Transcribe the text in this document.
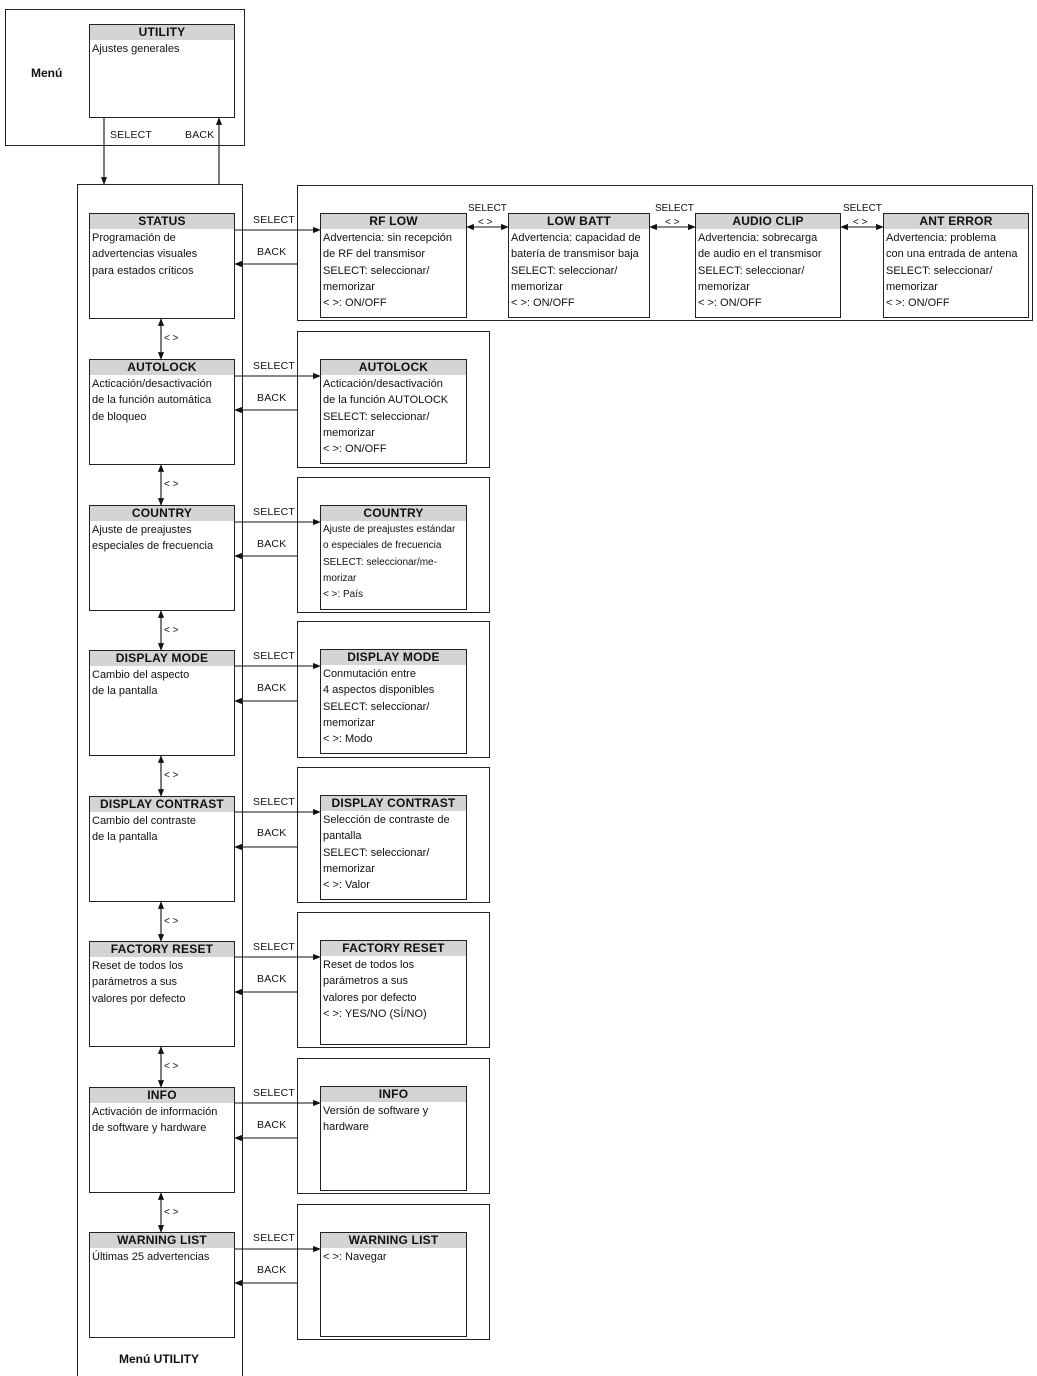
Menú
UTILITY
Ajustes generales
SELECT	BACK
STATUS
Programación de
advertencias visuales
para estados críticos
AUTOLOCK
Acticación/desactivación
de la función automática
de bloqueo
COUNTRY
Ajuste de preajustes
especiales de frecuencia
DISPLAY MODE
Cambio del aspecto
de la pantalla
DISPLAY CONTRAST
Cambio del contraste
de la pantalla
FACTORY RESET
Reset de todos los
parámetros a sus
valores por defecto
INFO
Activación de información
de software y hardware
WARNING LIST
Últimas 25 advertencias
Menú UTILITY
< >
< >
< >
< >
< >
< >
< >
SELECT
BACK
SELECT
BACK
SELECT
BACK
SELECT
BACK
SELECT
BACK
SELECT
BACK
SELECT
BACK
SELECT
BACK
RF LOW
Advertencia: sin recepción
de RF del transmisor
SELECT: seleccionar/
memorizar
< >: ON/OFF
LOW BATT
Advertencia: capacidad de
batería de transmisor baja
SELECT: seleccionar/
memorizar
< >: ON/OFF
AUDIO CLIP
Advertencia: sobrecarga
de audio en el transmisor
SELECT: seleccionar/
memorizar
< >: ON/OFF
ANT ERROR
Advertencia: problema
con una entrada de antena
SELECT: seleccionar/
memorizar
< >: ON/OFF
SELECT
< >
SELECT
< >
SELECT
< >
AUTOLOCK
Acticación/desactivación
de la función AUTOLOCK
SELECT: seleccionar/
memorizar
< >: ON/OFF
COUNTRY
Ajuste de preajustes estándar
o especiales de frecuencia
SELECT: seleccionar/me-
morizar
< >: País
DISPLAY MODE
Conmutación entre
4 aspectos disponibles
SELECT: seleccionar/
memorizar
< >: Modo
DISPLAY CONTRAST
Selección de contraste de
pantalla
SELECT: seleccionar/
memorizar
< >: Valor
FACTORY RESET
Reset de todos los
parámetros a sus
valores por defecto
< >: YES/NO (SÍ/NO)
INFO
Versión de software y
hardware
WARNING LIST
< >: Navegar
